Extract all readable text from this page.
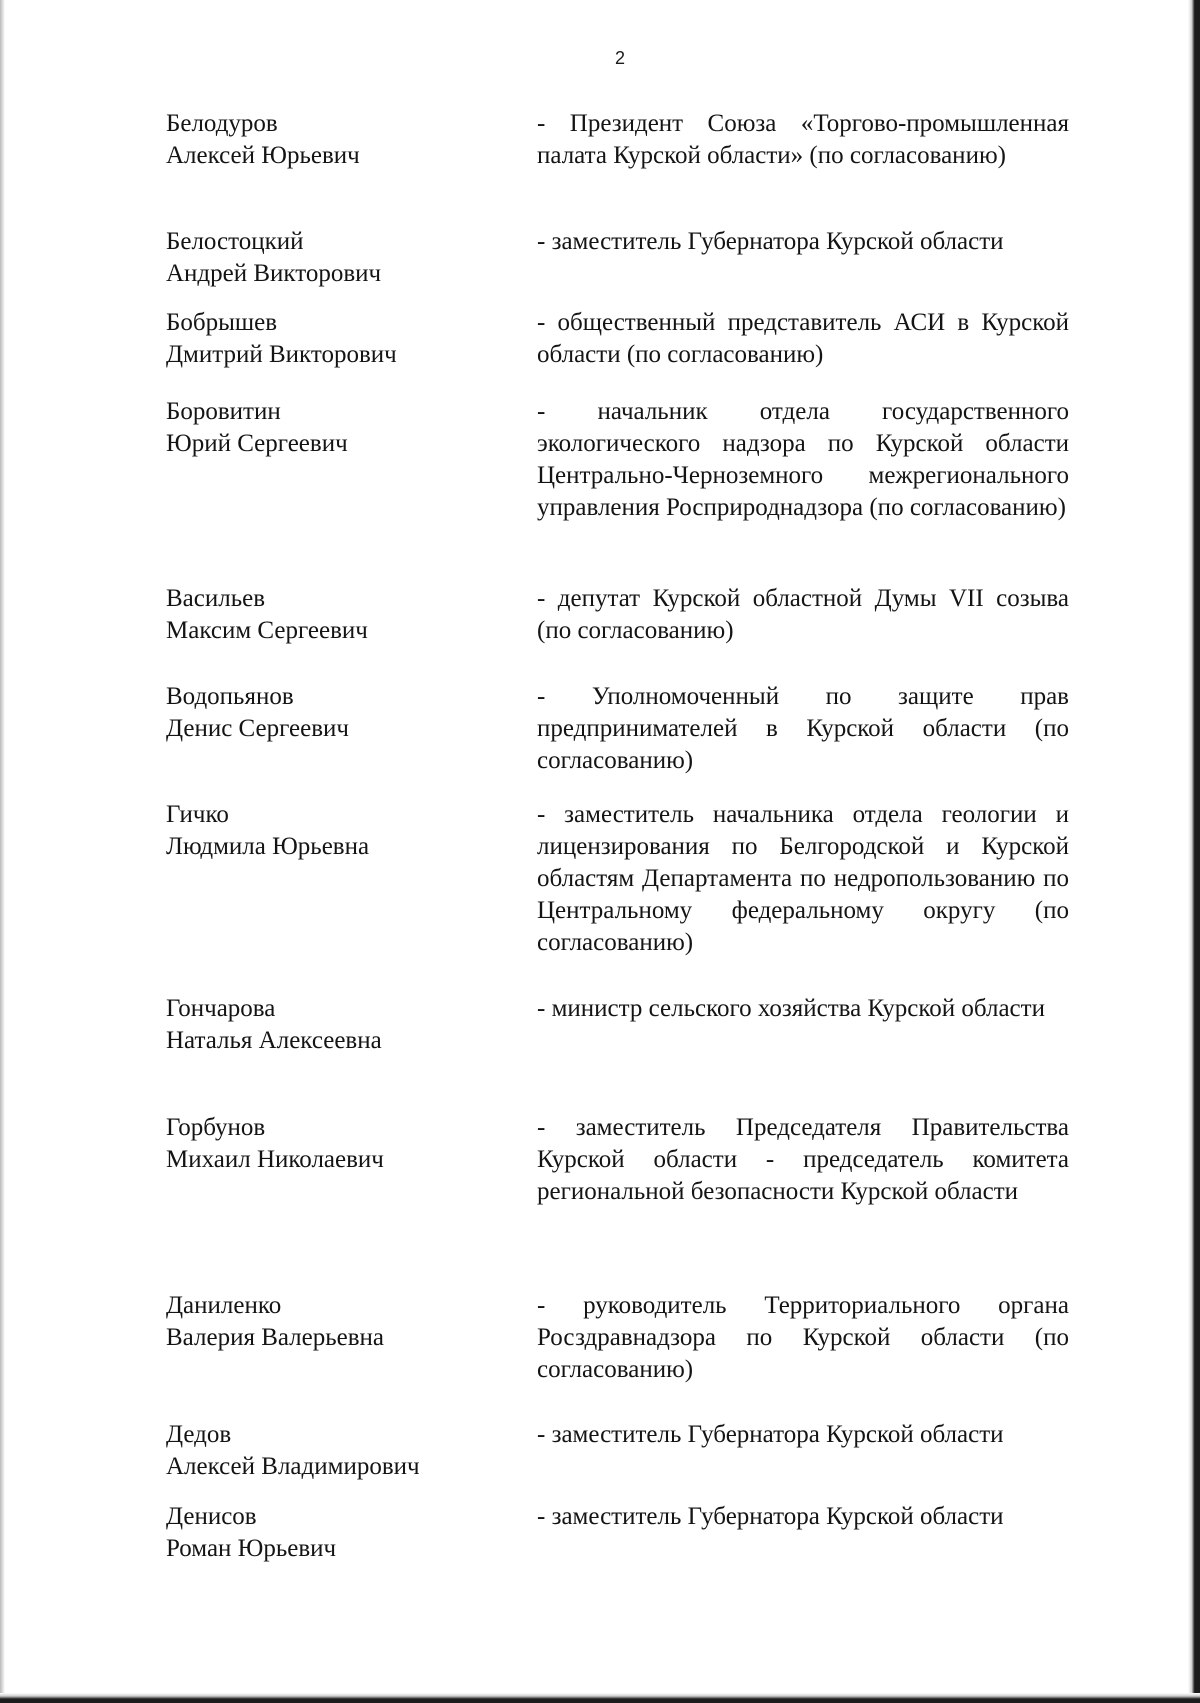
2
Белодуров
Алексей Юрьевич
- Президент Союза «Торгово-промышленная палата Курской области» (по согласованию)
Белостоцкий
Андрей Викторович
- заместитель Губернатора Курской области
Бобрышев
Дмитрий Викторович
- общественный представитель АСИ в Курской области (по согласованию)
Боровитин
Юрий Сергеевич
- начальник отдела государственного экологического надзора по Курской области Центрально-Черноземного межрегионального управления Росприроднадзора (по согласованию)
Васильев
Максим Сергеевич
- депутат Курской областной Думы VII созыва (по согласованию)
Водопьянов
Денис Сергеевич
- Уполномоченный по защите прав предпринимателей в Курской области (по согласованию)
Гичко
Людмила Юрьевна
- заместитель начальника отдела геологии и лицензирования по Белгородской и Курской областям Департамента по недропользованию по Центральному федеральному округу (по согласованию)
Гончарова
Наталья Алексеевна
- министр сельского хозяйства Курской области
Горбунов
Михаил Николаевич
- заместитель Председателя Правительства Курской области - председатель комитета региональной безопасности Курской области
Даниленко
Валерия Валерьевна
- руководитель Территориального органа Росздравнадзора по Курской области (по согласованию)
Дедов
Алексей Владимирович
- заместитель Губернатора Курской области
Денисов
Роман Юрьевич
- заместитель Губернатора Курской области
